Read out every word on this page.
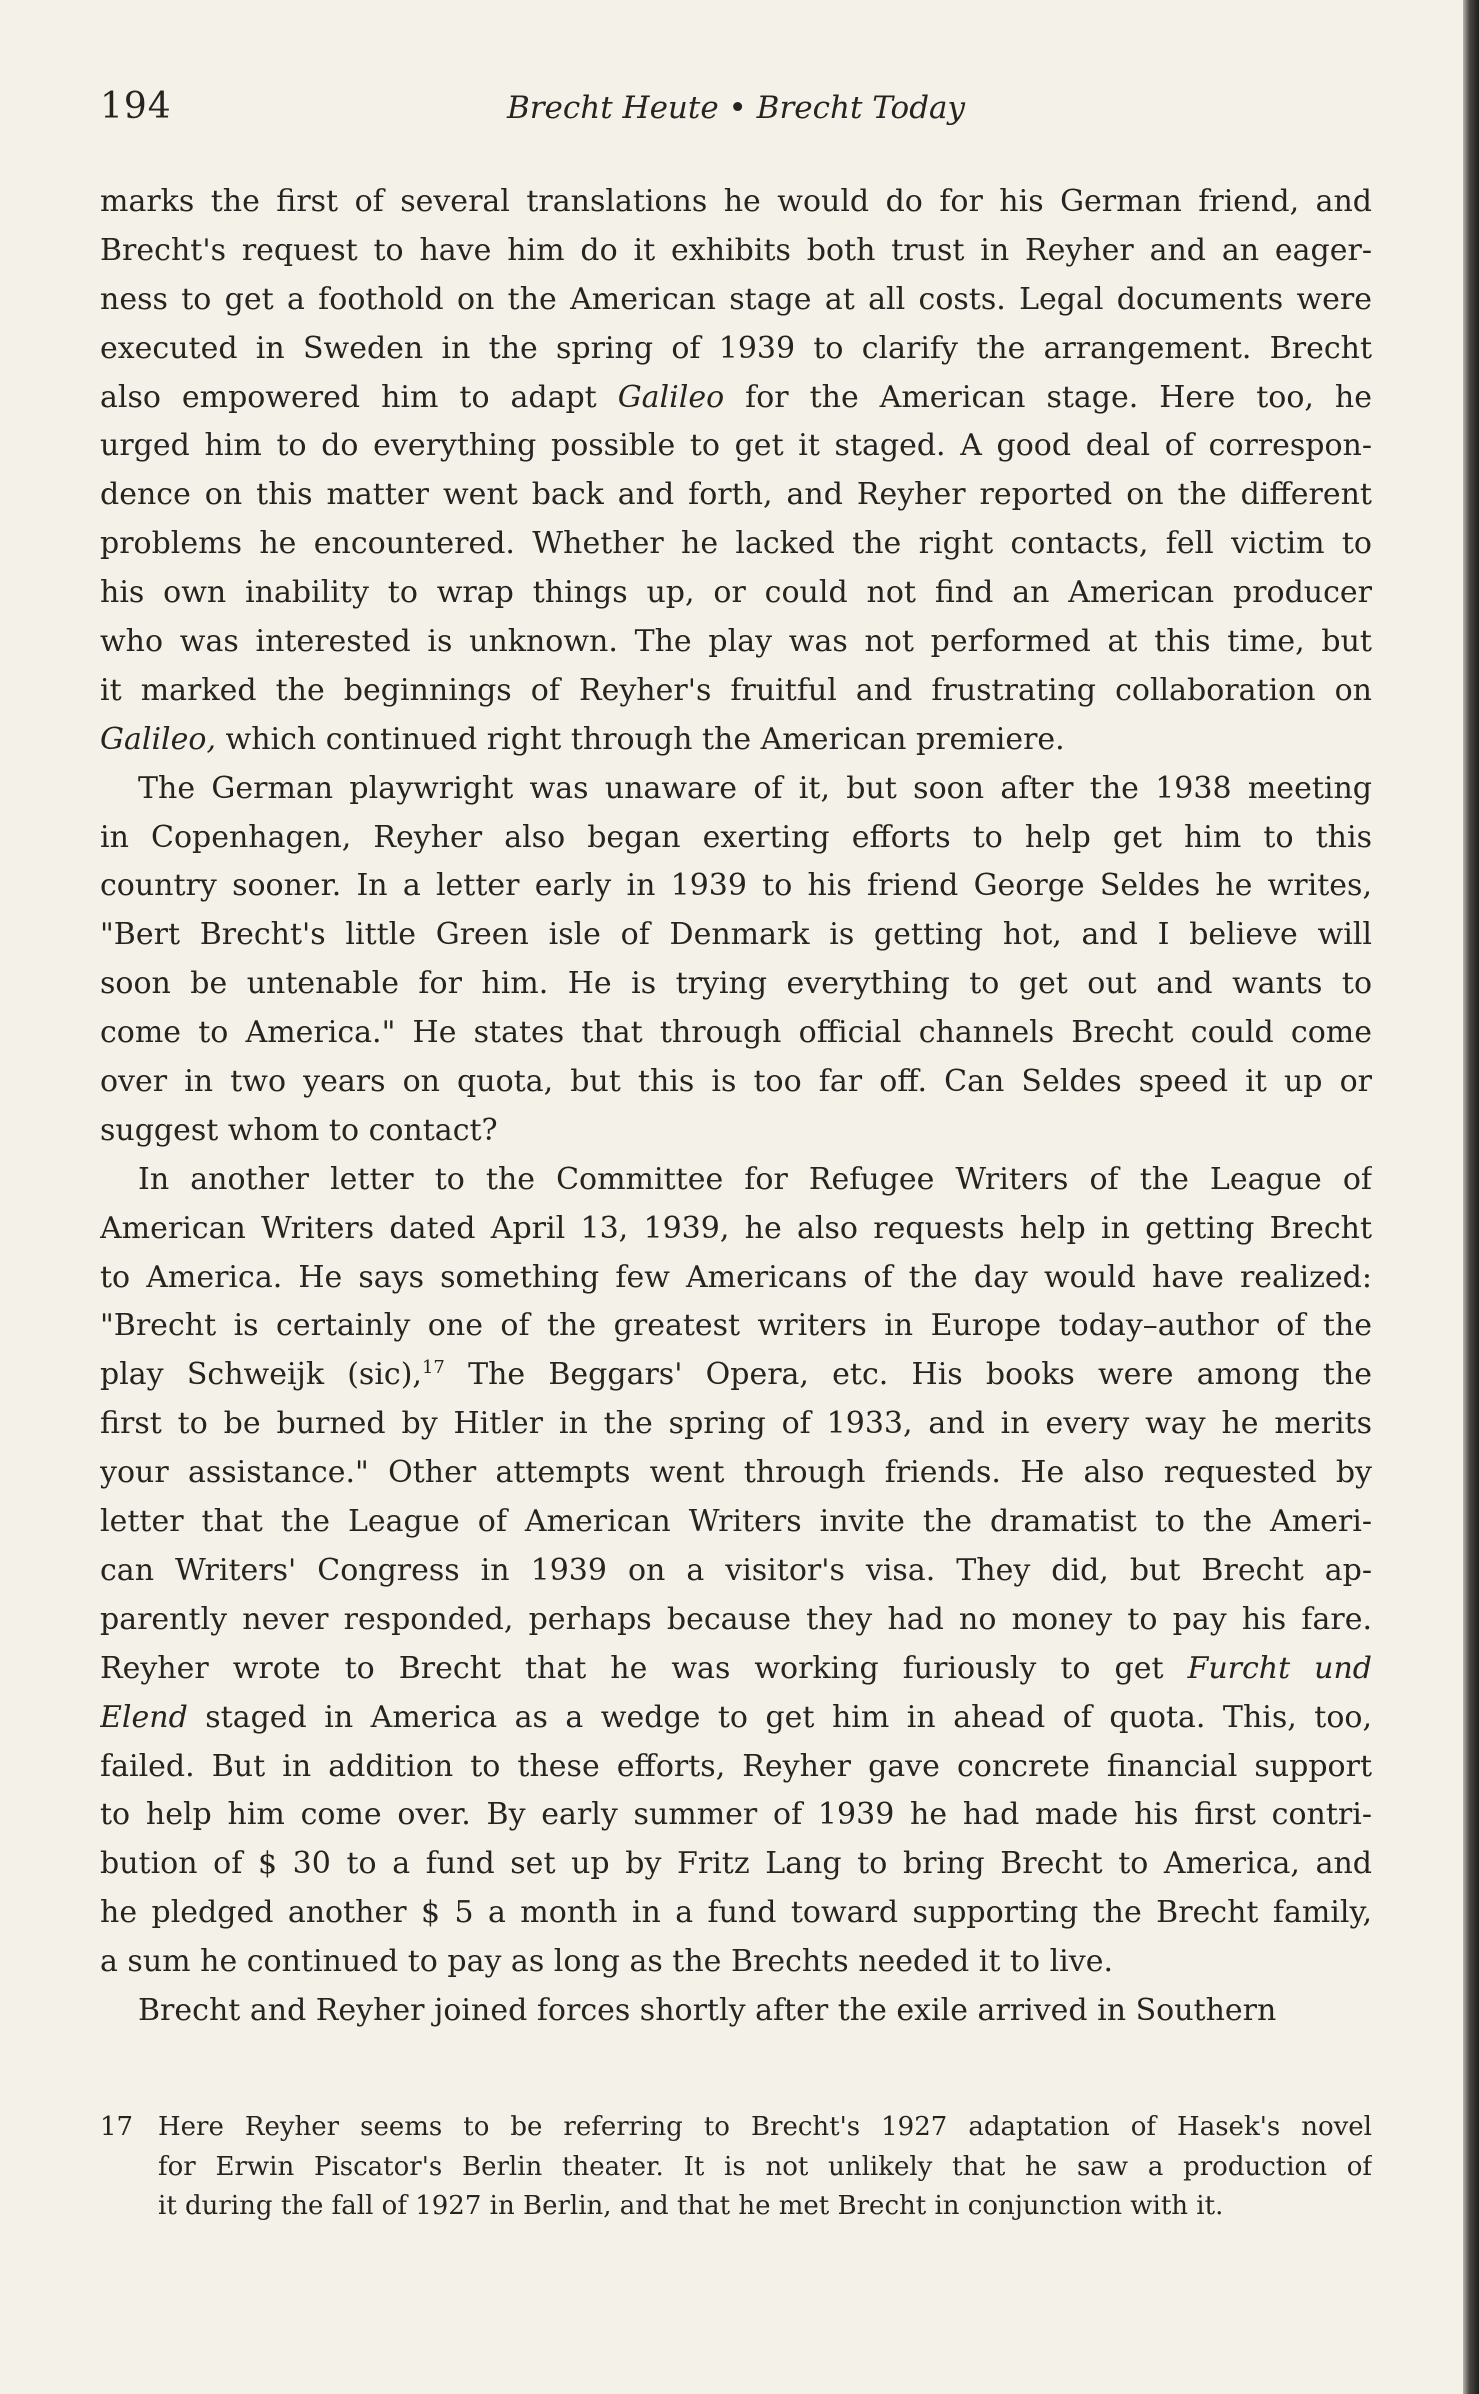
194	Brecht Heute • Brecht Today
marks the first of several translations he would do for his German friend, and
Brecht's request to have him do it exhibits both trust in Reyher and an eager-
ness to get a foothold on the American stage at all costs. Legal documents were
executed in Sweden in the spring of 1939 to clarify the arrangement. Brecht
also empowered him to adapt Galileo for the American stage. Here too, he
urged him to do everything possible to get it staged. A good deal of correspon-
dence on this matter went back and forth, and Reyher reported on the different
problems he encountered. Whether he lacked the right contacts, fell victim to
his own inability to wrap things up, or could not find an American producer
who was interested is unknown. The play was not performed at this time, but
it marked the beginnings of Reyher's fruitful and frustrating collaboration on
Galileo, which continued right through the American premiere.
The German playwright was unaware of it, but soon after the 1938 meeting
in Copenhagen, Reyher also began exerting efforts to help get him to this
country sooner. In a letter early in 1939 to his friend George Seldes he writes,
"Bert Brecht's little Green isle of Denmark is getting hot, and I believe will
soon be untenable for him. He is trying everything to get out and wants to
come to America." He states that through official channels Brecht could come
over in two years on quota, but this is too far off. Can Seldes speed it up or
suggest whom to contact?
In another letter to the Committee for Refugee Writers of the League of
American Writers dated April 13, 1939, he also requests help in getting Brecht
to America. He says something few Americans of the day would have realized:
"Brecht is certainly one of the greatest writers in Europe today–author of the
play Schweijk (sic),$^{17}$ The Beggars' Opera, etc. His books were among the
first to be burned by Hitler in the spring of 1933, and in every way he merits
your assistance." Other attempts went through friends. He also requested by
letter that the League of American Writers invite the dramatist to the Ameri-
can Writers' Congress in 1939 on a visitor's visa. They did, but Brecht ap-
parently never responded, perhaps because they had no money to pay his fare.
Reyher wrote to Brecht that he was working furiously to get Furcht und
Elend staged in America as a wedge to get him in ahead of quota. This, too,
failed. But in addition to these efforts, Reyher gave concrete financial support
to help him come over. By early summer of 1939 he had made his first contri-
bution of $ 30 to a fund set up by Fritz Lang to bring Brecht to America, and
he pledged another $ 5 a month in a fund toward supporting the Brecht family,
a sum he continued to pay as long as the Brechts needed it to live.
Brecht and Reyher joined forces shortly after the exile arrived in Southern
17 Here Reyher seems to be referring to Brecht's 1927 adaptation of Hasek's novel
for Erwin Piscator's Berlin theater. It is not unlikely that he saw a production of
it during the fall of 1927 in Berlin, and that he met Brecht in conjunction with it.
